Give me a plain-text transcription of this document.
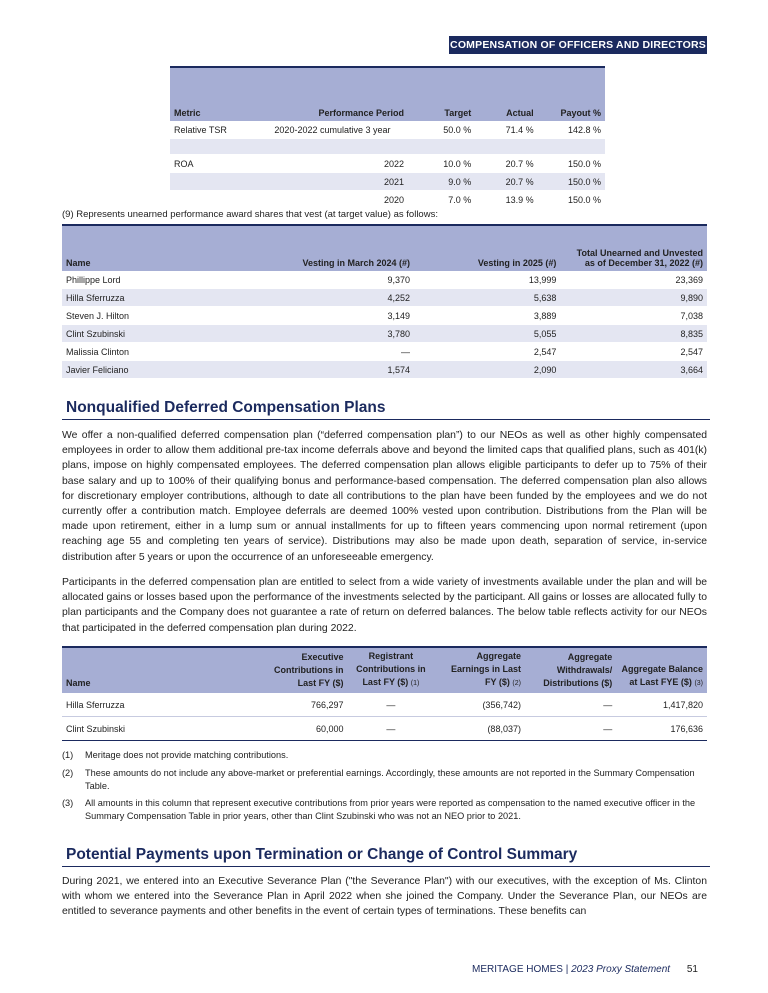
COMPENSATION OF OFFICERS AND DIRECTORS
Metric	Performance Period	Target	Actual	Payout %
Relative TSR	2020-2022 cumulative 3 year	50.0 %	71.4 %	142.8 %

ROA	2022	10.0 %	20.7 %	150.0 %
	2021	9.0 %	20.7 %	150.0 %
	2020	7.0 %	13.9 %	150.0 %
(9) Represents unearned performance award shares that vest (at target value) as follows:
Name	Vesting in March 2024 (#)	Vesting in 2025 (#)	Total Unearned and Unvested as of December 31, 2022 (#)
Phillippe Lord	9,370	13,999	23,369
Hilla Sferruzza	4,252	5,638	9,890
Steven J. Hilton	3,149	3,889	7,038
Clint Szubinski	3,780	5,055	8,835
Malissia Clinton	—	2,547	2,547
Javier Feliciano	1,574	2,090	3,664
Nonqualified Deferred Compensation Plans
We offer a non-qualified deferred compensation plan (“deferred compensation plan”) to our NEOs as well as other highly compensated employees in order to allow them additional pre-tax income deferrals above and beyond the limited caps that qualified plans, such as 401(k) plans, impose on highly compensated employees. The deferred compensation plan allows eligible participants to defer up to 75% of their base salary and up to 100% of their qualifying bonus and performance-based compensation. The deferred compensation plan also allows for discretionary employer contributions, although to date all contributions to the plan have been funded by the employees and we do not currently offer a contribution match. Employee deferrals are deemed 100% vested upon contribution. Distributions from the Plan will be made upon retirement, either in a lump sum or annual installments for up to fifteen years commencing upon normal retirement (upon reaching age 55 and completing ten years of service). Distributions may also be made upon death, separation of service, in-service distribution after 5 years or upon the occurrence of an unforeseeable emergency.
Participants in the deferred compensation plan are entitled to select from a wide variety of investments available under the plan and will be allocated gains or losses based upon the performance of the investments selected by the participant. All gains or losses are allocated fully to plan participants and the Company does not guarantee a rate of return on deferred balances. The below table reflects activity for our NEOs that participated in the deferred compensation plan during 2022.
Name	Executive Contributions in Last FY ($)	Registrant Contributions in Last FY ($) (1)	Aggregate Earnings in Last FY ($) (2)	Aggregate Withdrawals/ Distributions ($)	Aggregate Balance at Last FYE ($) (3)
Hilla Sferruzza	766,297	—	(356,742)	—	1,417,820
Clint Szubinski	60,000	—	(88,037)	—	176,636
(1) Meritage does not provide matching contributions.
(2) These amounts do not include any above-market or preferential earnings. Accordingly, these amounts are not reported in the Summary Compensation Table.
(3) All amounts in this column that represent executive contributions from prior years were reported as compensation to the named executive officer in the Summary Compensation Table in prior years, other than Clint Szubinski who was not an NEO prior to 2021.
Potential Payments upon Termination or Change of Control Summary
During 2021, we entered into an Executive Severance Plan ("the Severance Plan") with our executives, with the exception of Ms. Clinton with whom we entered into the Severance Plan in April 2022 when she joined the Company. Under the Severance Plan, our NEOs are entitled to severance payments and other benefits in the event of certain types of terminations. These benefits can
MERITAGE HOMES | 2023 Proxy Statement 51
